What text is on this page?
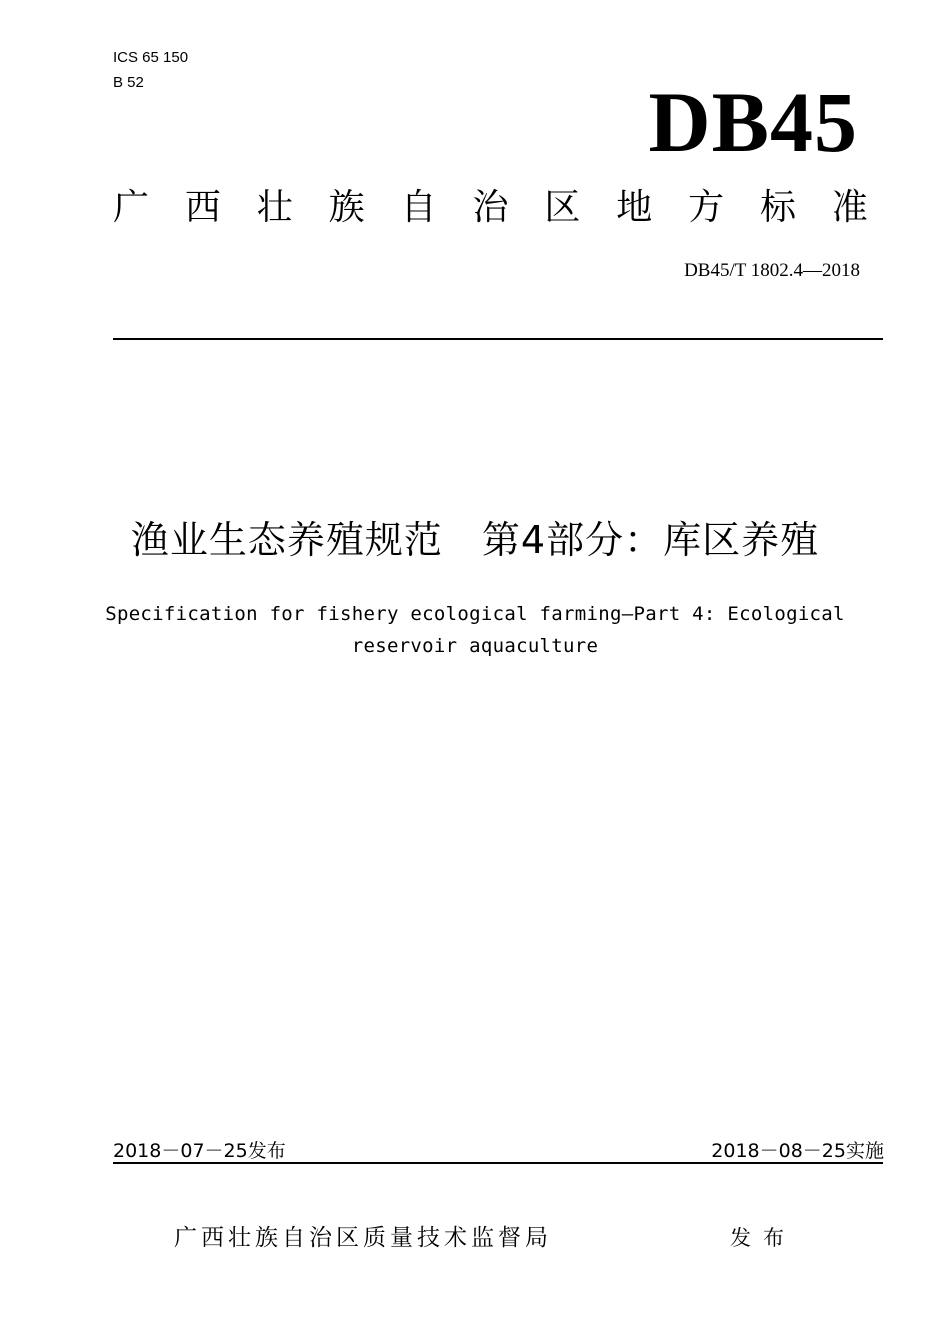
ICS 65 150
B 52	DB45
广 西 壮 族 自 治 区 地 方 标 准
DB45/T 1802.4—2018
渔业生态养殖规范　第4部分：库区养殖
Specification for fishery ecological farming—Part 4: Ecological
reservoir aquaculture
2018－07－25发布	2018－08－25实施
广西壮族自治区质量技术监督局	发布
